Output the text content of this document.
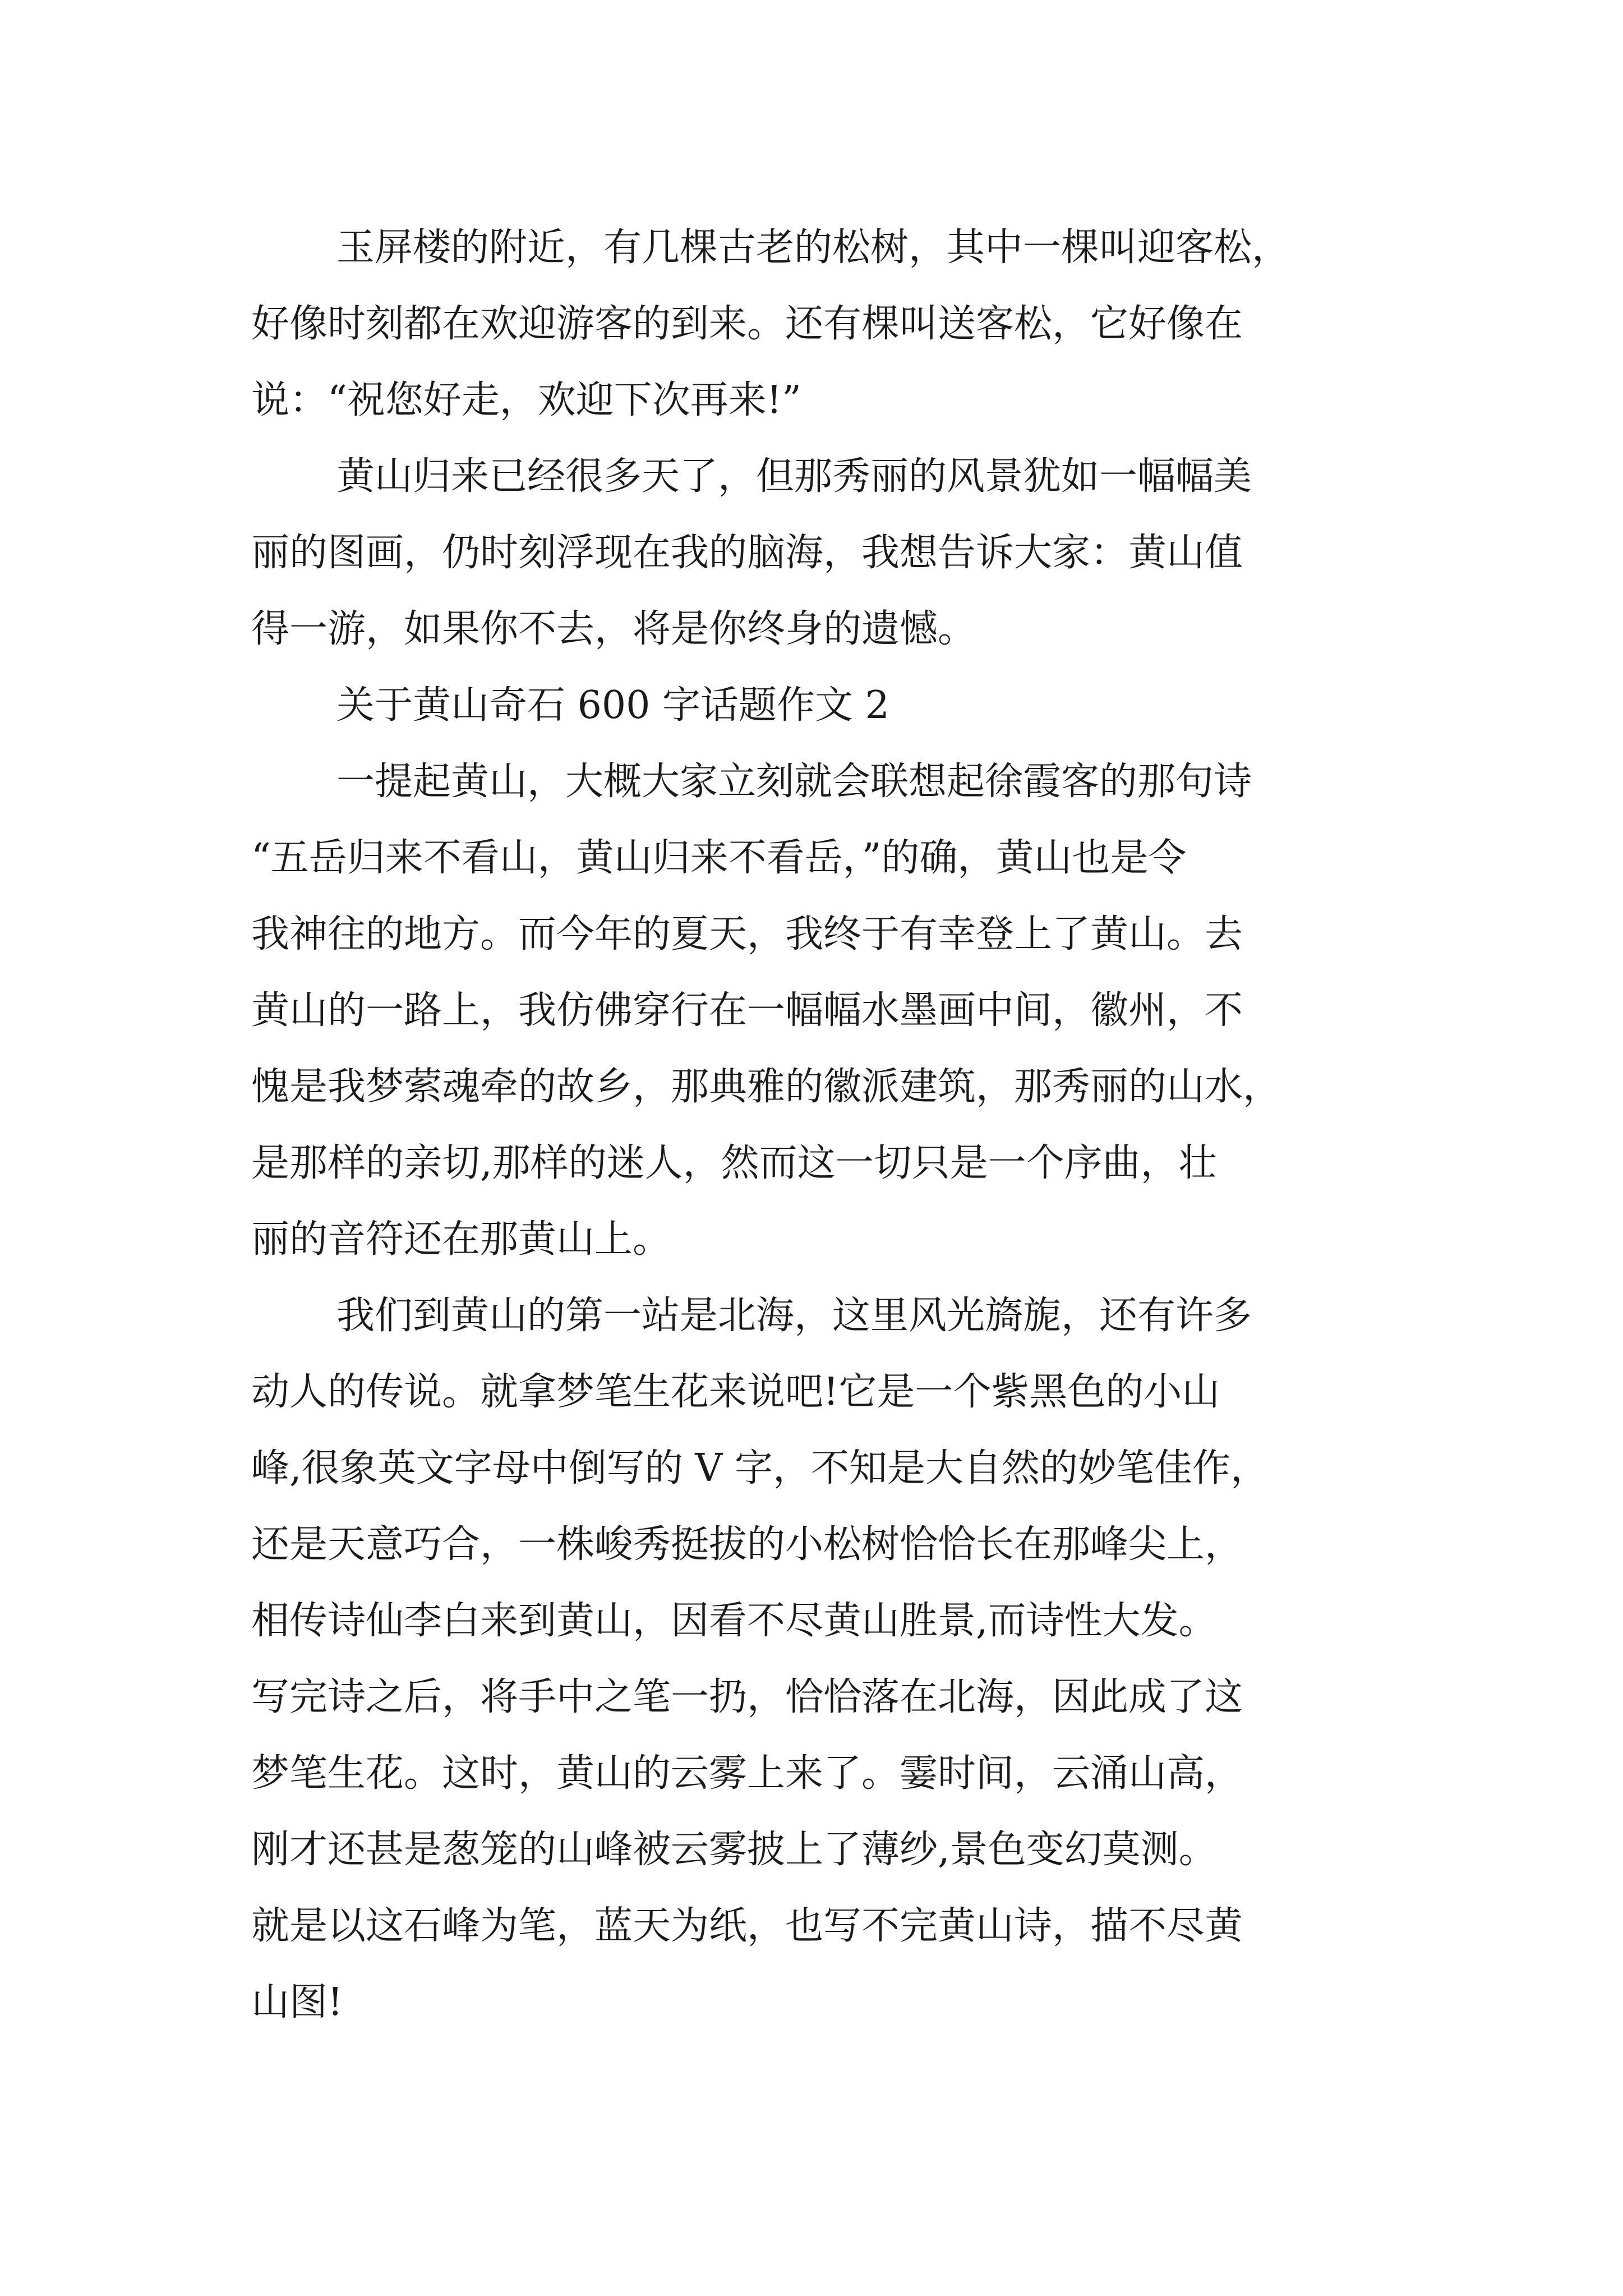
玉屏楼的附近，有几棵古老的松树，其中一棵叫迎客松，
好像时刻都在欢迎游客的到来。还有棵叫送客松，它好像在
说：“祝您好走，欢迎下次再来!”
黄山归来已经很多天了，但那秀丽的风景犹如一幅幅美
丽的图画，仍时刻浮现在我的脑海，我想告诉大家：黄山值
得一游，如果你不去，将是你终身的遗憾。
关于黄山奇石 600 字话题作文 2
一提起黄山，大概大家立刻就会联想起徐霞客的那句诗
“五岳归来不看山，黄山归来不看岳，”的确，黄山也是令
我神往的地方。而今年的夏天，我终于有幸登上了黄山。去
黄山的一路上，我仿佛穿行在一幅幅水墨画中间，徽州，不
愧是我梦萦魂牵的故乡，那典雅的徽派建筑，那秀丽的山水，
是那样的亲切,那样的迷人，然而这一切只是一个序曲，壮
丽的音符还在那黄山上。
我们到黄山的第一站是北海，这里风光旖旎，还有许多
动人的传说。就拿梦笔生花来说吧!它是一个紫黑色的小山
峰,很象英文字母中倒写的 V 字，不知是大自然的妙笔佳作，
还是天意巧合，一株峻秀挺拔的小松树恰恰长在那峰尖上，
相传诗仙李白来到黄山，因看不尽黄山胜景,而诗性大发。
写完诗之后，将手中之笔一扔，恰恰落在北海，因此成了这
梦笔生花。这时，黄山的云雾上来了。霎时间，云涌山高，
刚才还甚是葱笼的山峰被云雾披上了薄纱,景色变幻莫测。
就是以这石峰为笔，蓝天为纸，也写不完黄山诗，描不尽黄
山图!
